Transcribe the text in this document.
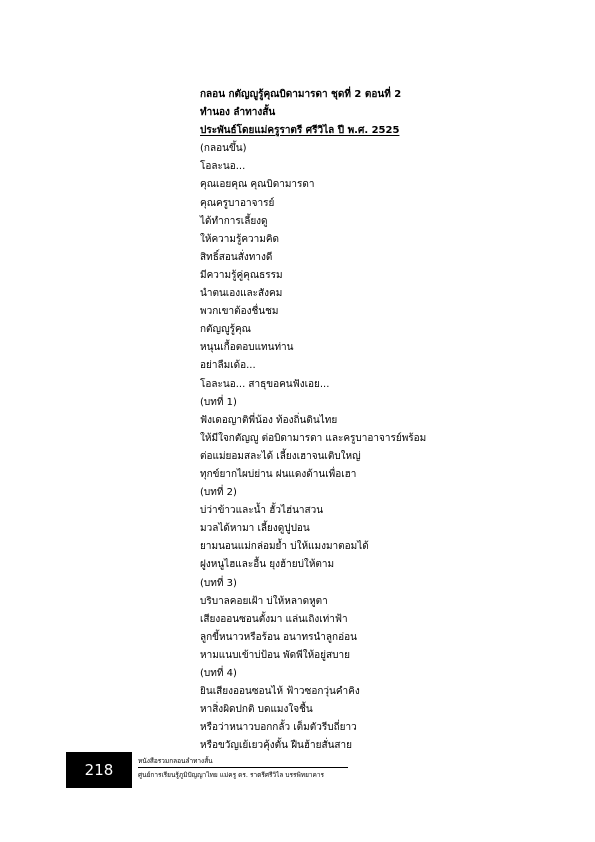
กลอน กตัญญูรู้คุณบิดามารดา ชุดที่ 2 ตอนที่ 2
ทำนอง ลำทางสั้น
ประพันธ์โดยแม่ครูราตรี ศรีวิไล ปี พ.ศ. 2525
(กลอนขึ้น)
โอละนอ...
คุณเอยคุณ คุณบิดามารดา
คุณครูบาอาจารย์
ได้ทำการเลี้ยงดู
ให้ความรู้ความคิด
สิทธิ์สอนสั่งทางดี
มีความรู้คู่คุณธรรม
นำตนเองและสังคม
พวกเขาต้องชื่นชม
กตัญญูรู้คุณ
หนุนเกื้อตอบแทนท่าน
อย่าลืมเด้อ...
โอละนอ... สาธุขอคนฟังเอย...
(บทที่ 1)
ฟังเดอญาติพี่น้อง ท้องถิ่นดินไทย
ให้มีใจกตัญญู ต่อบิดามารดา และครูบาอาจารย์พร้อม
ต่อแม่ยอมสละได้ เลี้ยงเฮาจนเติบใหญ่
ทุกข์ยากไผบ่ย่าน ฝนแดงด้านเพื่อเฮา
(บทที่ 2)
บ่ว่าข้าวและน้ำ ฮั้วไฮ่นาสวน
มวลได้หามา เลี้ยงดูปูปอน
ยามนอนแม่กล่อมย้ำ บ่ให้แมงมาตอมได้
ฝูงหนูไฮและอื้น ยุงฮ้ายบ่ให้ตาม
(บทที่ 3)
บริบาลคอยเฝ้า บ่ให้หลาดหูตา
เสียงออนซอนตั้งมา แล่นเถิงเท่าฟ้า
ลูกขี้หนาวหรือร้อน อนาทรนำลูกอ่อน
หามแนบเข้าบ่ป้อน พัดพีให้อยู่สบาย
(บทที่ 4)
ยินเสียงออนซอนไห้ ฟ้าวซอกวุ่นคำคิง
หาสิ่งผิดปกติ บดแมงใจชื้น
หรือว่าหนาวบอกกลั้ว เต็มตัวรีบถี่ยาว
หรือขวัญเย้เยวคุ้งตั้น ฝืนฮ้ายสั่นสาย
218	หนังสือรวมกลอนลำทางสั้น
ศูนย์การเรียนรู้ภูมิปัญญาไทย แม่ครู ดร. ราตรีศรีวิไล บรรพิทยาคาร
